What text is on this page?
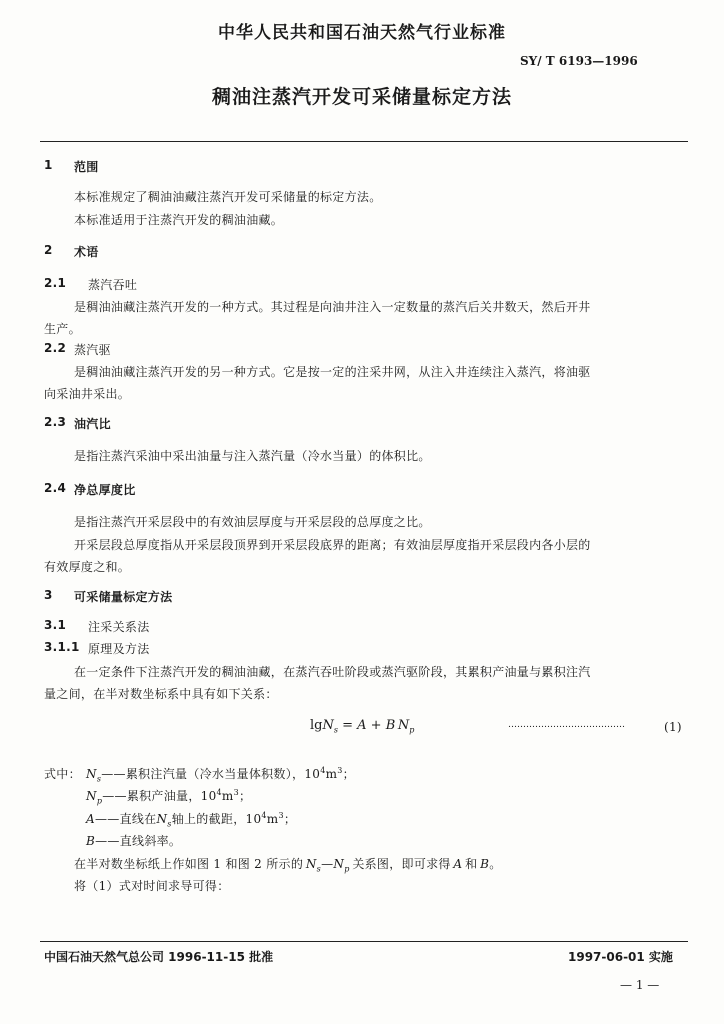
中华人民共和国石油天然气行业标准
SY/ T 6193—1996
稠油注蒸汽开发可采储量标定方法
1 范围
本标准规定了稠油油藏注蒸汽开发可采储量的标定方法。
本标准适用于注蒸汽开发的稠油油藏。
2 术语
2.1 蒸汽吞吐
是稠油油藏注蒸汽开发的一种方式。其过程是向油井注入一定数量的蒸汽后关井数天，然后开井
生产。
2.2 蒸汽驱
是稠油油藏注蒸汽开发的另一种方式。它是按一定的注采井网，从注入井连续注入蒸汽，将油驱
向采油井采出。
2.3 油汽比
是指注蒸汽采油中采出油量与注入蒸汽量（冷水当量）的体积比。
2.4 净总厚度比
是指注蒸汽开采层段中的有效油层厚度与开采层段的总厚度之比。
开采层段总厚度指从开采层段顶界到开采层段底界的距离；有效油层厚度指开采层段内各小层的
有效厚度之和。
3 可采储量标定方法
3.1 注采关系法
3.1.1 原理及方法
在一定条件下注蒸汽开发的稠油油藏，在蒸汽吞吐阶段或蒸汽驱阶段，其累积产油量与累积注汽
量之间，在半对数坐标系中具有如下关系：
lgN$_s$ = A + B  $N_p$
…………………………………	(1)
式中： $N_s——$累积注汽量（冷水当量体积数），$10^4m^3$；
$N_p——$累积产油量，$10^4m^3$；
A——直线在$N_s$轴上的截距，$10^4m^3$；
B——直线斜率。
在半对数坐标纸上作如图 1 和图 2 所示的  $N_s—N_p$  关系图，即可求得  A  和  B。
将（1）式对时间求导可得：
中国石油天然气总公司 1996-11-15 批准	1997-06-01 实施
— 1 —
